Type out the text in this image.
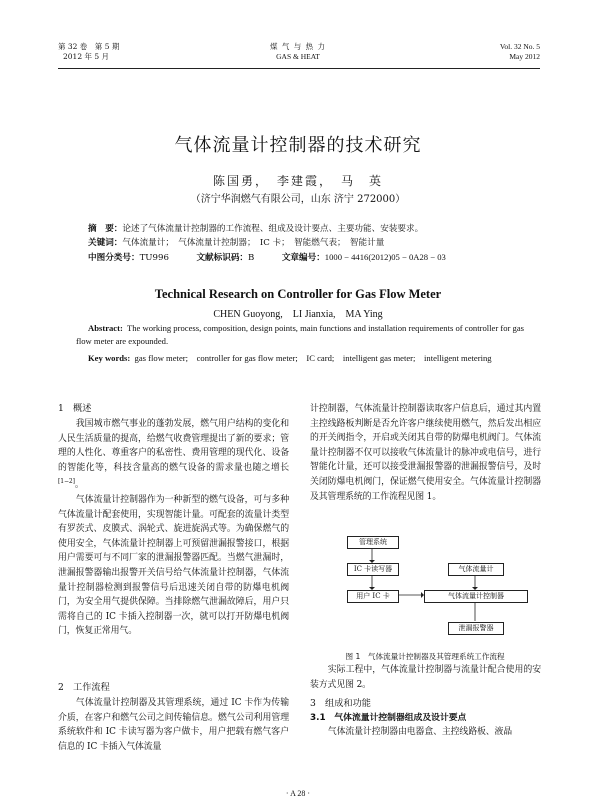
第 32 卷　第 5 期
2012 年 5 月
煤 气 与 热 力
GAS & HEAT
Vol. 32 No. 5
May 2012
气体流量计控制器的技术研究
陈国勇，　李建霞，　马　英
（济宁华润燃气有限公司，山东 济宁 272000）
摘　要：论述了气体流量计控制器的工作流程、组成及设计要点、主要功能、安装要求。
关键词：气体流量计；　气体流量计控制器；　IC 卡；　智能燃气表；　智能计量
中图分类号：TU996	文献标识码：B	文章编号：1000 − 4416(2012)05 − 0A28 − 03
Technical Research on Controller for Gas Flow Meter
CHEN Guoyong,　LI Jianxia,　MA Ying
Abstract: The working process, composition, design points, main functions and installation requirements of controller for gas flow meter are expounded.
Key words: gas flow meter;　controller for gas flow meter;　IC card;　intelligent gas meter;　intelligent metering
1　概述

我国城市燃气事业的蓬勃发展，燃气用户结构的变化和人民生活质量的提高，给燃气收费管理提出了新的要求；管理的人性化、尊重客户的私密性、费用管理的现代化、设备的智能化等，科技含量高的燃气设备的需求量也随之增长[1−2]。

气体流量计控制器作为一种新型的燃气设备，可与多种气体流量计配套使用，实现智能计量。可配套的流量计类型有罗茨式、皮膜式、涡轮式、旋进旋涡式等。为确保燃气的使用安全，气体流量计控制器上可预留泄漏报警接口，根据用户需要可与不同厂家的泄漏报警器匹配。当燃气泄漏时，泄漏报警器输出报警开关信号给气体流量计控制器，气体流量计控制器检测到报警信号后迅速关闭自带的防爆电机阀门，为安全用气提供保障。当排除燃气泄漏故障后，用户只需将自己的 IC 卡插入控制器一次，就可以打开防爆电机阀门，恢复正常用气。

2　工作流程

气体流量计控制器及其管理系统，通过 IC 卡作为传输介质，在客户和燃气公司之间传输信息。燃气公司利用管理系统软件和 IC 卡读写器为客户做卡，用户把载有燃气客户信息的 IC 卡插入气体流量

计控制器，气体流量计控制器读取客户信息后，通过其内置主控线路板判断是否允许客户继续使用燃气，然后发出相应的开关阀指令，开启或关闭其自带的防爆电机阀门。气体流量计控制器不仅可以接收气体流量计的脉冲或电信号，进行智能化计量，还可以接受泄漏报警器的泄漏报警信号，及时关闭防爆电机阀门，保证燃气使用安全。气体流量计控制器及其管理系统的工作流程见图 1。

管理系统
IC 卡读写器	气体流量计
用户 IC 卡	气体流量计控制器
泄漏报警器
图 1　气体流量计控制器及其管理系统工作流程

实际工程中，气体流量计控制器与流量计配合使用的安装方式见图 2。

3　组成和功能
3.1　气体流量计控制器组成及设计要点

气体流量计控制器由电器盒、主控线路板、液晶

· A 28 ·
